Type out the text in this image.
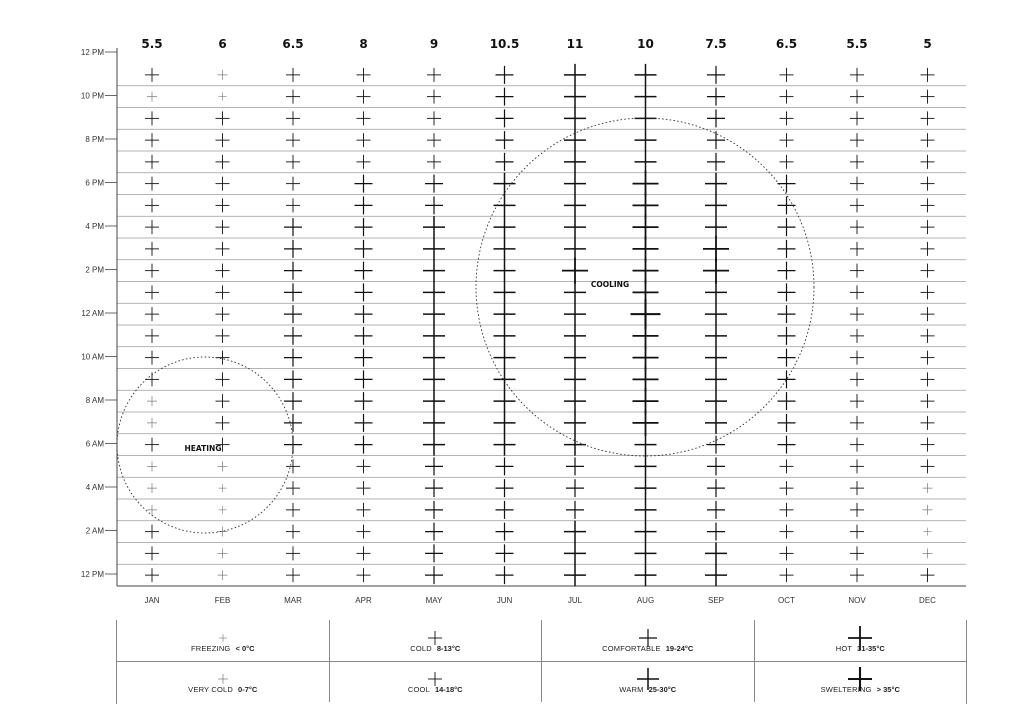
12 PM
10 PM
8 PM
6 PM
4 PM
2 PM
12 AM
10 AM
8 AM
6 AM
4 AM
2 AM
12 PM
5.5	6	6.5	8	9	10.5	11	10	7.5	6.5	5.5	5
JAN	FEB	MAR	APR	MAY	JUN	JUL	AUG	SEP	OCT	NOV	DEC
HEATING
COOLING
FREEZING < 0°C	COLD 8-13°C	COMFORTABLE 19-24°C	HOT 31-35°C
VERY COLD 0-7°C	COOL 14-18°C	WARM 25-30°C	SWELTERING > 35°C
